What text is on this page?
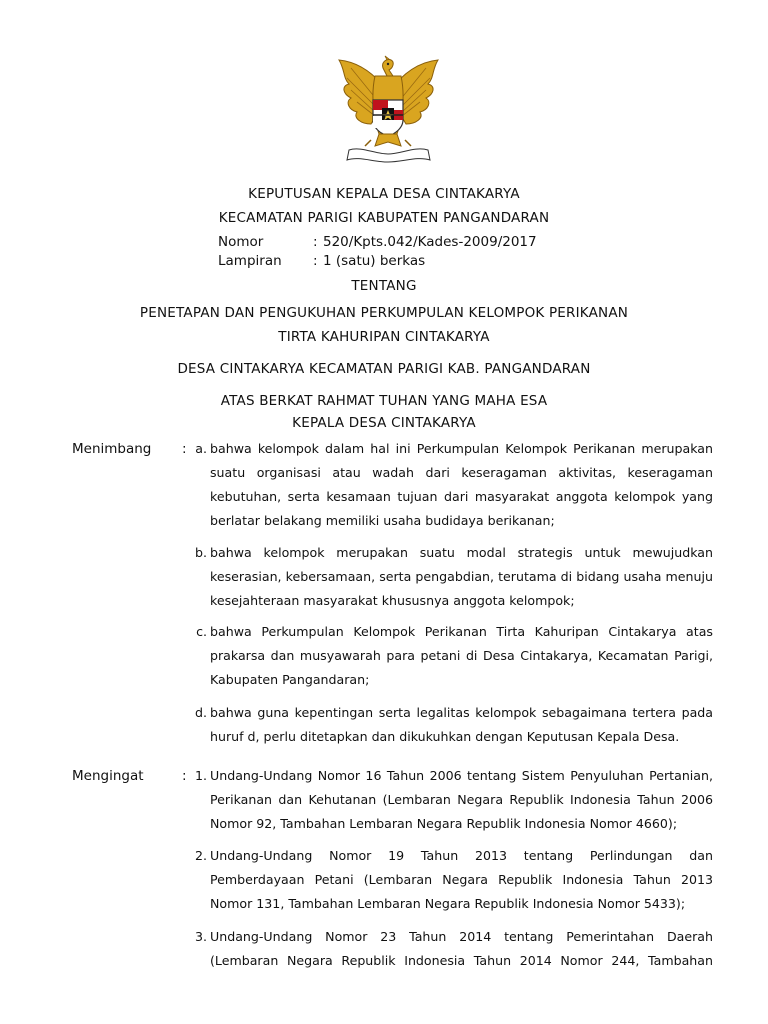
KEPUTUSAN KEPALA DESA CINTAKARYA
KECAMATAN PARIGI KABUPATEN PANGANDARAN
Nomor	: 520/Kpts.042/Kades-2009/2017
Lampiran : 1 (satu) berkas
TENTANG
PENETAPAN DAN PENGUKUHAN PERKUMPULAN KELOMPOK PERIKANAN
TIRTA KAHURIPAN CINTAKARYA
DESA CINTAKARYA KECAMATAN PARIGI KAB. PANGANDARAN
ATAS BERKAT RAHMAT TUHAN YANG MAHA ESA
KEPALA DESA CINTAKARYA
Menimbang : a. bahwa kelompok dalam hal ini Perkumpulan Kelompok Perikanan merupakan
suatu organisasi atau wadah dari keseragaman aktivitas, keseragaman
kebutuhan, serta kesamaan tujuan dari masyarakat anggota kelompok yang
berlatar belakang memiliki usaha budidaya berikanan;
b. bahwa kelompok merupakan suatu modal strategis untuk mewujudkan
keserasian, kebersamaan, serta pengabdian, terutama di bidang usaha menuju
kesejahteraan masyarakat khususnya anggota kelompok;
c. bahwa Perkumpulan Kelompok Perikanan Tirta Kahuripan Cintakarya atas
prakarsa dan musyawarah para petani di Desa Cintakarya, Kecamatan Parigi,
Kabupaten Pangandaran;
d. bahwa guna kepentingan serta legalitas kelompok sebagaimana tertera pada
huruf d, perlu ditetapkan dan dikukuhkan dengan Keputusan Kepala Desa.
Mengingat	: 1. Undang-Undang Nomor 16 Tahun 2006 tentang Sistem Penyuluhan Pertanian,
Perikanan dan Kehutanan (Lembaran Negara Republik Indonesia Tahun 2006
Nomor 92, Tambahan Lembaran Negara Republik Indonesia Nomor 4660);
2. Undang-Undang Nomor 19 Tahun 2013 tentang Perlindungan dan
Pemberdayaan Petani (Lembaran Negara Republik Indonesia Tahun 2013
Nomor 131, Tambahan Lembaran Negara Republik Indonesia Nomor 5433);
3. Undang-Undang Nomor 23 Tahun 2014 tentang Pemerintahan Daerah
(Lembaran Negara Republik Indonesia Tahun 2014 Nomor 244, Tambahan
